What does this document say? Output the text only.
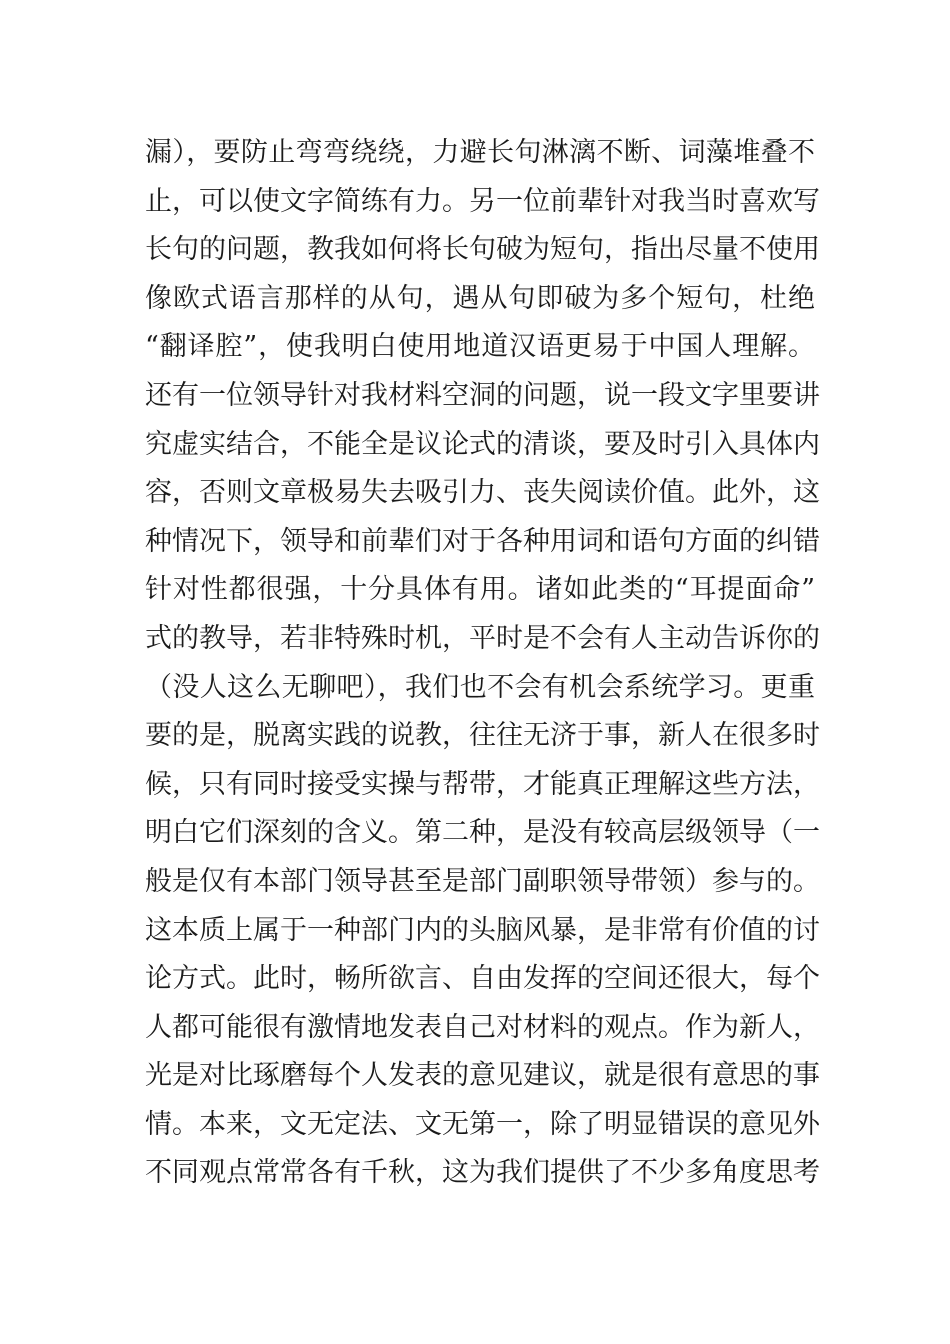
漏），要防止弯弯绕绕，力避长句淋漓不断、词藻堆叠不
止，可以使文字简练有力。另一位前辈针对我当时喜欢写
长句的问题，教我如何将长句破为短句，指出尽量不使用
像欧式语言那样的从句，遇从句即破为多个短句，杜绝
“翻译腔”，使我明白使用地道汉语更易于中国人理解。
还有一位领导针对我材料空洞的问题，说一段文字里要讲
究虚实结合，不能全是议论式的清谈，要及时引入具体内
容，否则文章极易失去吸引力、丧失阅读价值。此外，这
种情况下，领导和前辈们对于各种用词和语句方面的纠错
针对性都很强，十分具体有用。诸如此类的“耳提面命”
式的教导，若非特殊时机，平时是不会有人主动告诉你的
（没人这么无聊吧），我们也不会有机会系统学习。更重
要的是，脱离实践的说教，往往无济于事，新人在很多时
候，只有同时接受实操与帮带，才能真正理解这些方法，
明白它们深刻的含义。第二种，是没有较高层级领导（一
般是仅有本部门领导甚至是部门副职领导带领）参与的。
这本质上属于一种部门内的头脑风暴，是非常有价值的讨
论方式。此时，畅所欲言、自由发挥的空间还很大，每个
人都可能很有激情地发表自己对材料的观点。作为新人，
光是对比琢磨每个人发表的意见建议，就是很有意思的事
情。本来，文无定法、文无第一，除了明显错误的意见外
不同观点常常各有千秋，这为我们提供了不少多角度思考
